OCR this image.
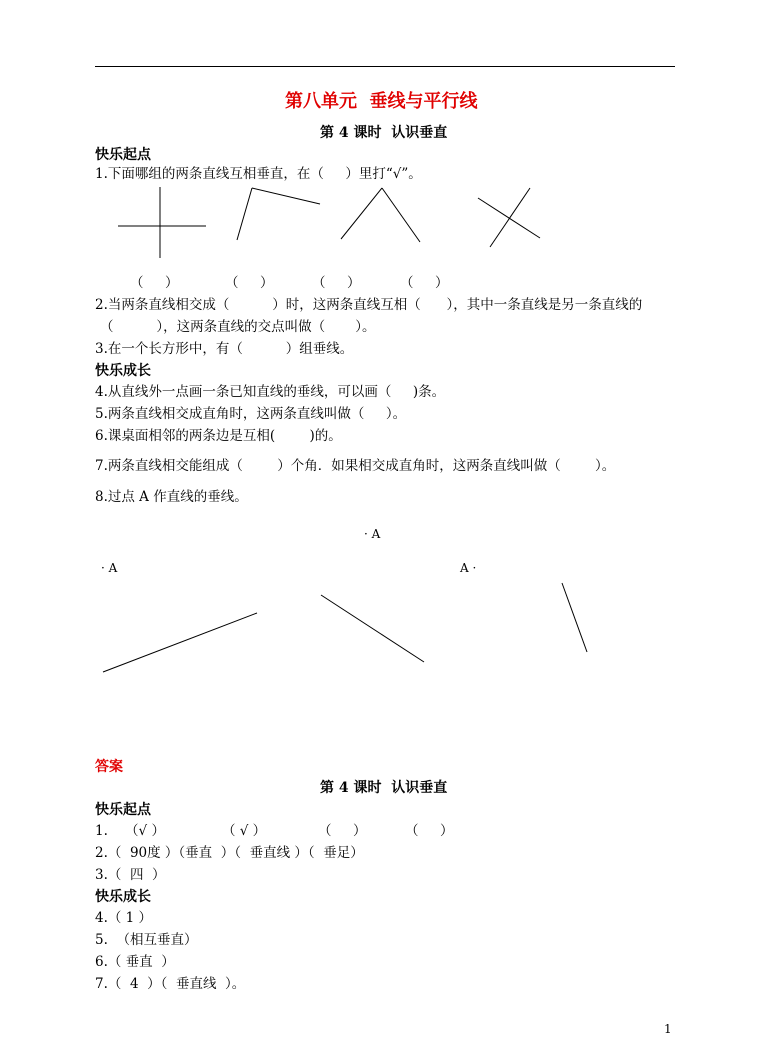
第八单元  垂线与平行线
第 4 课时  认识垂直
快乐起点
1.下面哪组的两条直线互相垂直，在（     ）里打“√”。
（     ）	（     ）	（     ）	（     ）
2.当两条直线相交成（          ）时，这两条直线互相（      ），其中一条直线是另一条直线的
（          ），这两条直线的交点叫做（       ）。
3.在一个长方形中，有（          ）组垂线。
快乐成长
4.从直线外一点画一条已知直线的垂线，可以画（     )条。
5.两条直线相交成直角时，这两条直线叫做（     ）。
6.课桌面相邻的两条边是互相(        )的。
7.两条直线相交能组成（        ）个角．如果相交成直角时，这两条直线叫做（        ）。
8.过点 A 作直线的垂线。
· A
· A	A ·
答案
第 4 课时  认识垂直
快乐起点
1.    （√ ）	（ √ ）	（     ）	（     ）
2.（  90度 ）（垂直  ）（  垂直线 ）（  垂足）
3.（  四  ）
快乐成长
4.（ 1 ）
5.  （相互垂直）
6.（ 垂直  ）
7.（  4  ）（  垂直线  ）。
1
